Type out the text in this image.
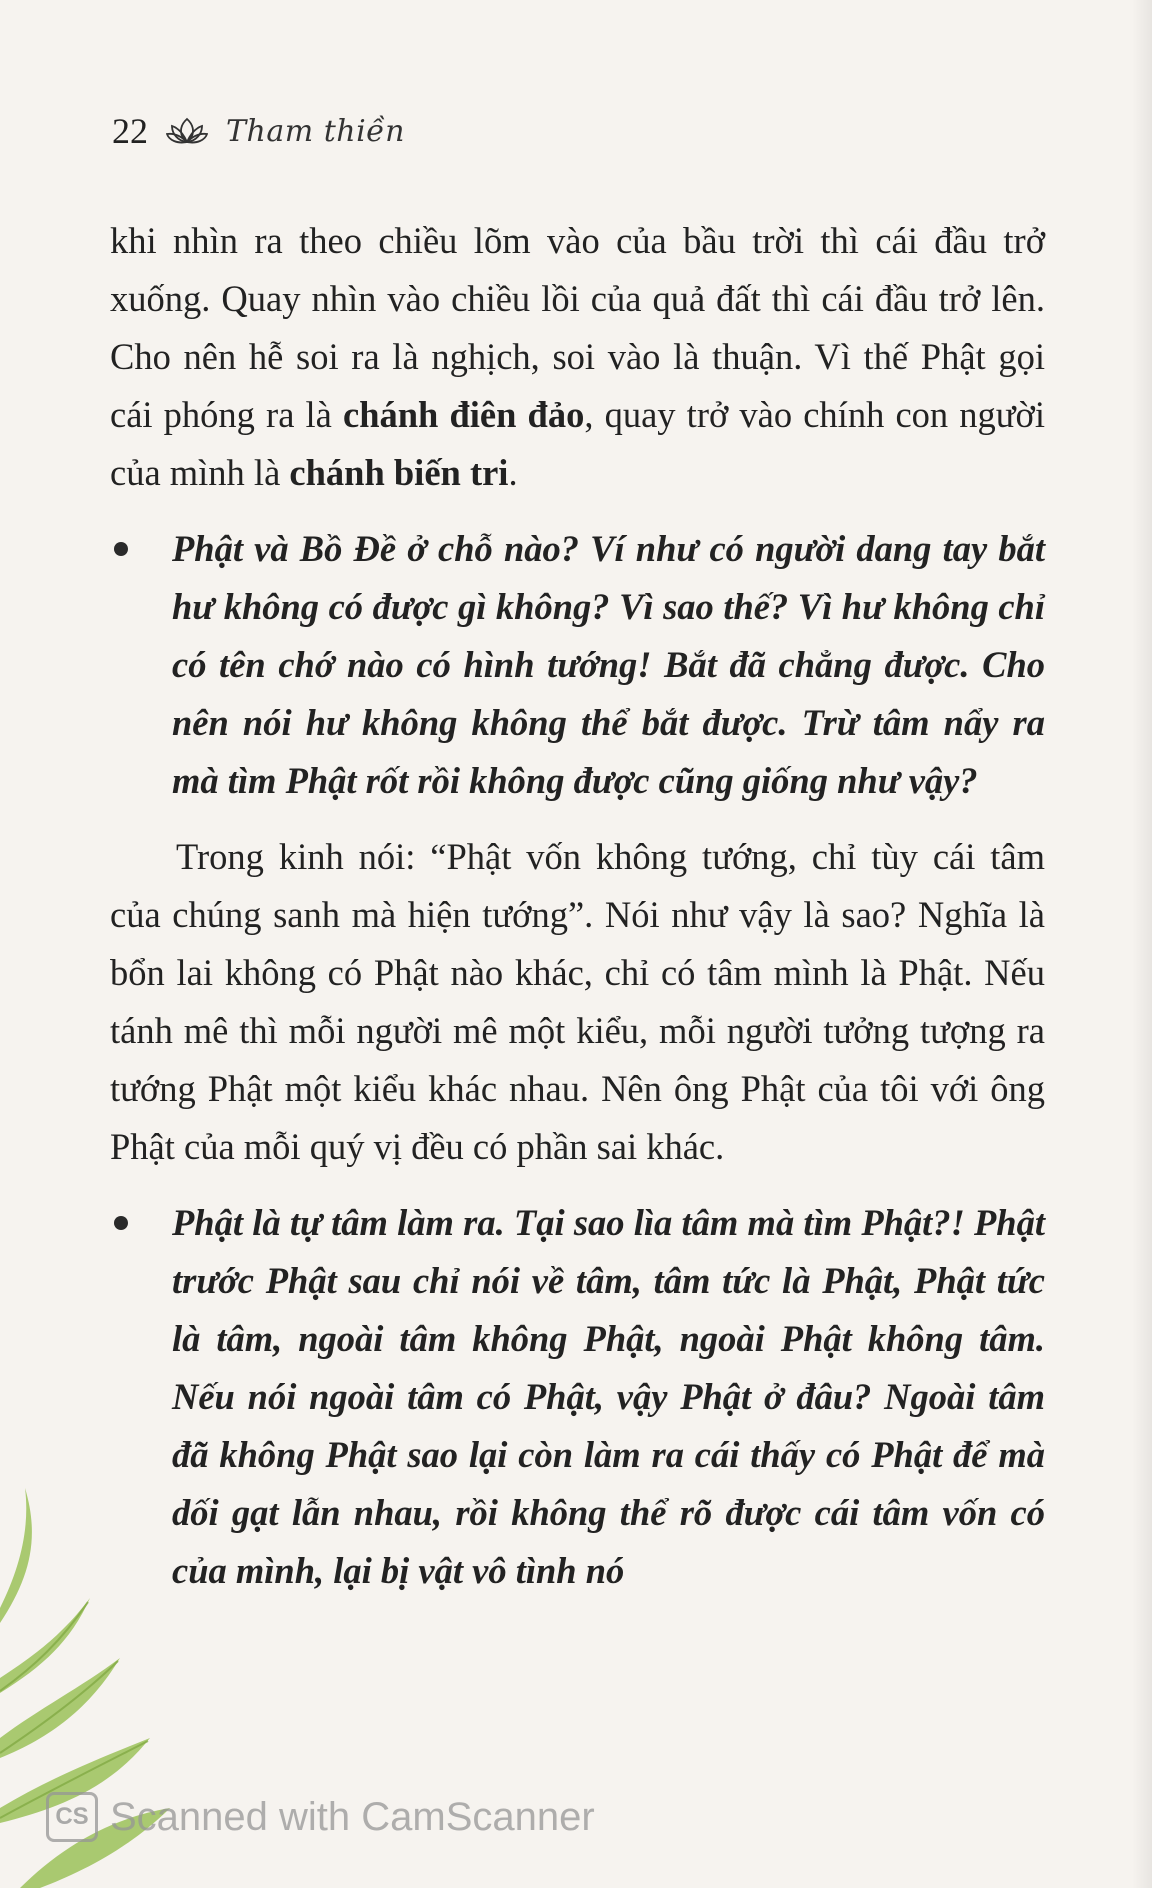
22	Tham thiền

khi nhìn ra theo chiều lõm vào của bầu trời thì cái đầu trở xuống. Quay nhìn vào chiều lồi của quả đất thì cái đầu trở lên. Cho nên hễ soi ra là nghịch, soi vào là thuận. Vì thế Phật gọi cái phóng ra là chánh điên đảo, quay trở vào chính con người của mình là chánh biến tri.

Phật và Bồ Đề ở chỗ nào? Ví như có người dang tay bắt hư không có được gì không? Vì sao thế? Vì hư không chỉ có tên chớ nào có hình tướng! Bắt đã chẳng được. Cho nên nói hư không không thể bắt được. Trừ tâm nẩy ra mà tìm Phật rốt rồi không được cũng giống như vậy?

Trong kinh nói: “Phật vốn không tướng, chỉ tùy cái tâm của chúng sanh mà hiện tướng”. Nói như vậy là sao? Nghĩa là bổn lai không có Phật nào khác, chỉ có tâm mình là Phật. Nếu tánh mê thì mỗi người mê một kiểu, mỗi người tưởng tượng ra tướng Phật một kiểu khác nhau. Nên ông Phật của tôi với ông Phật của mỗi quý vị đều có phần sai khác.

Phật là tự tâm làm ra. Tại sao lìa tâm mà tìm Phật?! Phật trước Phật sau chỉ nói về tâm, tâm tức là Phật, Phật tức là tâm, ngoài tâm không Phật, ngoài Phật không tâm. Nếu nói ngoài tâm có Phật, vậy Phật ở đâu? Ngoài tâm đã không Phật sao lại còn làm ra cái thấy có Phật để mà dối gạt lẫn nhau, rồi không thể rõ được cái tâm vốn có của mình, lại bị vật vô tình nó
CS Scanned with CamScanner
